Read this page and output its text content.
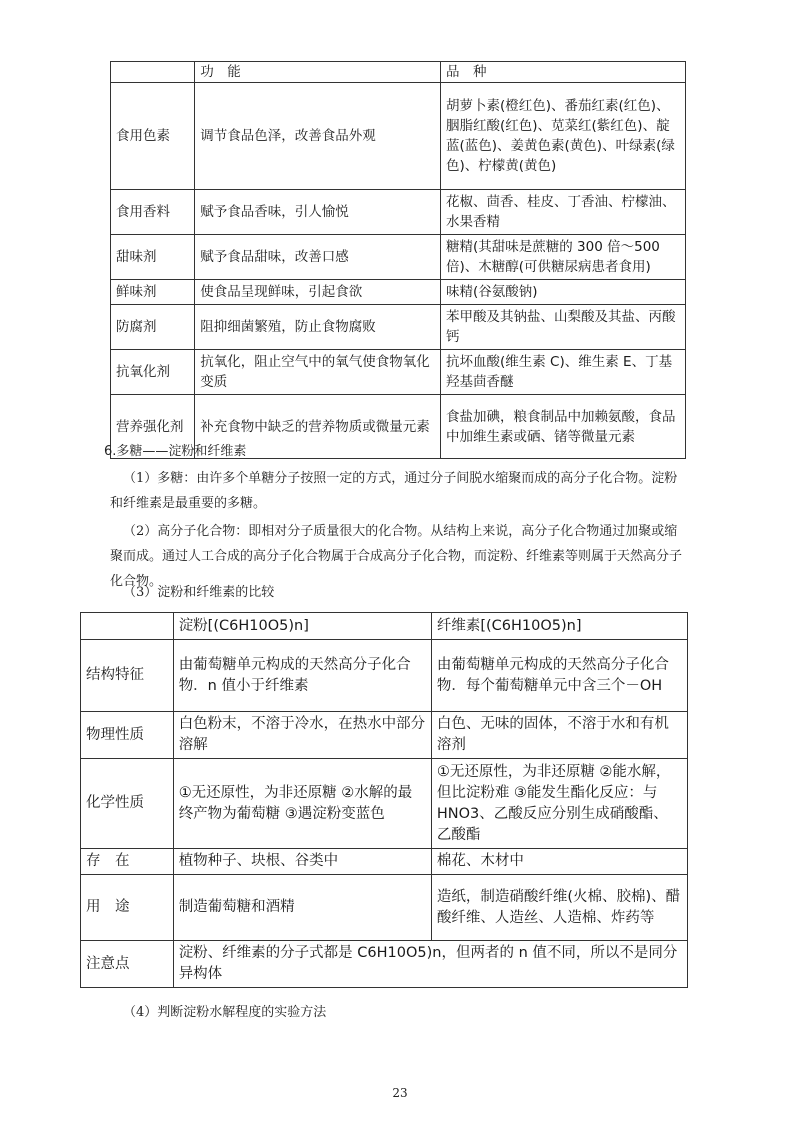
	功　能	品　种
食用色素	调节食品色泽，改善食品外观	胡萝卜素(橙红色)、番茄红素(红色)、胭脂红酸(红色)、苋菜红(紫红色)、靛蓝(蓝色)、姜黄色素(黄色)、叶绿素(绿色)、柠檬黄(黄色)
食用香料	赋予食品香味，引人愉悦	花椒、茴香、桂皮、丁香油、柠檬油、水果香精
甜味剂	赋予食品甜味，改善口感	糖精(其甜味是蔗糖的 300 倍～500 倍)、木糖醇(可供糖尿病患者食用)
鲜味剂	使食品呈现鲜味，引起食欲	味精(谷氨酸钠)
防腐剂	阻抑细菌繁殖，防止食物腐败	苯甲酸及其钠盐、山梨酸及其盐、丙酸钙
抗氧化剂	抗氧化，阻止空气中的氧气使食物氧化变质	抗坏血酸(维生素 C)、维生素 E、丁基羟基茴香醚
营养强化剂	补充食物中缺乏的营养物质或微量元素	食盐加碘，粮食制品中加赖氨酸，食品中加维生素或硒、锗等微量元素
6.多糖——淀粉和纤维素
（1）多糖：由许多个单糖分子按照一定的方式，通过分子间脱水缩聚而成的高分子化合物。淀粉和纤维素是最重要的多糖。
（2）高分子化合物：即相对分子质量很大的化合物。从结构上来说，高分子化合物通过加聚或缩聚而成。通过人工合成的高分子化合物属于合成高分子化合物，而淀粉、纤维素等则属于天然高分子化合物。
（3）淀粉和纤维素的比较
	淀粉[(C6H10O5)n]	纤维素[(C6H10O5)n]
结构特征	由葡萄糖单元构成的天然高分子化合物．n 值小于纤维素	由葡萄糖单元构成的天然高分子化合物．每个葡萄糖单元中含三个－OH
物理性质	白色粉末，不溶于冷水，在热水中部分溶解	白色、无味的固体，不溶于水和有机溶剂
化学性质	①无还原性，为非还原糖 ②水解的最终产物为葡萄糖 ③遇淀粉变蓝色	①无还原性，为非还原糖 ②能水解，但比淀粉难 ③能发生酯化反应：与 HNO3、乙酸反应分别生成硝酸酯、乙酸酯
存　在	植物种子、块根、谷类中	棉花、木材中
用　途	制造葡萄糖和酒精	造纸，制造硝酸纤维(火棉、胶棉)、醋酸纤维、人造丝、人造棉、炸药等
注意点	淀粉、纤维素的分子式都是 C6H10O5)n，但两者的 n 值不同，所以不是同分异构体	
（4）判断淀粉水解程度的实验方法
23
